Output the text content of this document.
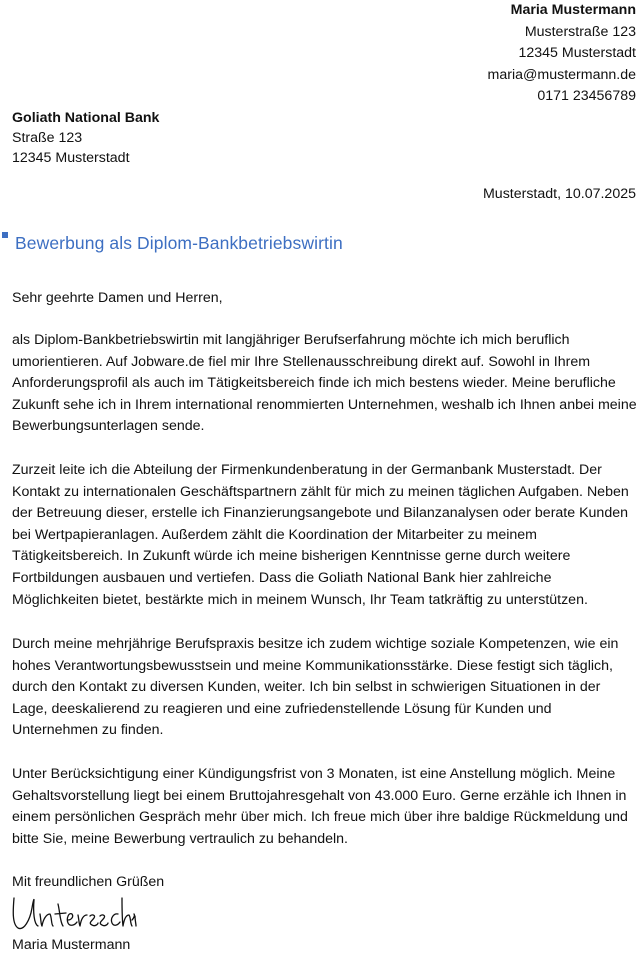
Maria Mustermann
Musterstraße 123
12345 Musterstadt
maria@mustermann.de
0171 23456789
Goliath National Bank
Straße 123
12345 Musterstadt
Musterstadt, 10.07.2025
Bewerbung als Diplom-Bankbetriebswirtin
Sehr geehrte Damen und Herren,
als Diplom-Bankbetriebswirtin mit langjähriger Berufserfahrung möchte ich mich beruflich umorientieren. Auf Jobware.de fiel mir Ihre Stellenausschreibung direkt auf. Sowohl in Ihrem Anforderungsprofil als auch im Tätigkeitsbereich finde ich mich bestens wieder. Meine berufliche Zukunft sehe ich in Ihrem international renommierten Unternehmen, weshalb ich Ihnen anbei meine Bewerbungsunterlagen sende.
Zurzeit leite ich die Abteilung der Firmenkundenberatung in der Germanbank Musterstadt. Der Kontakt zu internationalen Geschäftspartnern zählt für mich zu meinen täglichen Aufgaben. Neben der Betreuung dieser, erstelle ich Finanzierungsangebote und Bilanzanalysen oder berate Kunden bei Wertpapieranlagen. Außerdem zählt die Koordination der Mitarbeiter zu meinem Tätigkeitsbereich. In Zukunft würde ich meine bisherigen Kenntnisse gerne durch weitere Fortbildungen ausbauen und vertiefen. Dass die Goliath National Bank hier zahlreiche Möglichkeiten bietet, bestärkte mich in meinem Wunsch, Ihr Team tatkräftig zu unterstützen.
Durch meine mehrjährige Berufspraxis besitze ich zudem wichtige soziale Kompetenzen, wie ein hohes Verantwortungsbewusstsein und meine Kommunikationsstärke. Diese festigt sich täglich, durch den Kontakt zu diversen Kunden, weiter. Ich bin selbst in schwierigen Situationen in der Lage, deeskalierend zu reagieren und eine zufriedenstellende Lösung für Kunden und Unternehmen zu finden.
Unter Berücksichtigung einer Kündigungsfrist von 3 Monaten, ist eine Anstellung möglich. Meine Gehaltsvorstellung liegt bei einem Bruttojahresgehalt von 43.000 Euro. Gerne erzähle ich Ihnen in einem persönlichen Gespräch mehr über mich. Ich freue mich über ihre baldige Rückmeldung und bitte Sie, meine Bewerbung vertraulich zu behandeln.
Mit freundlichen Grüßen
Maria Mustermann
